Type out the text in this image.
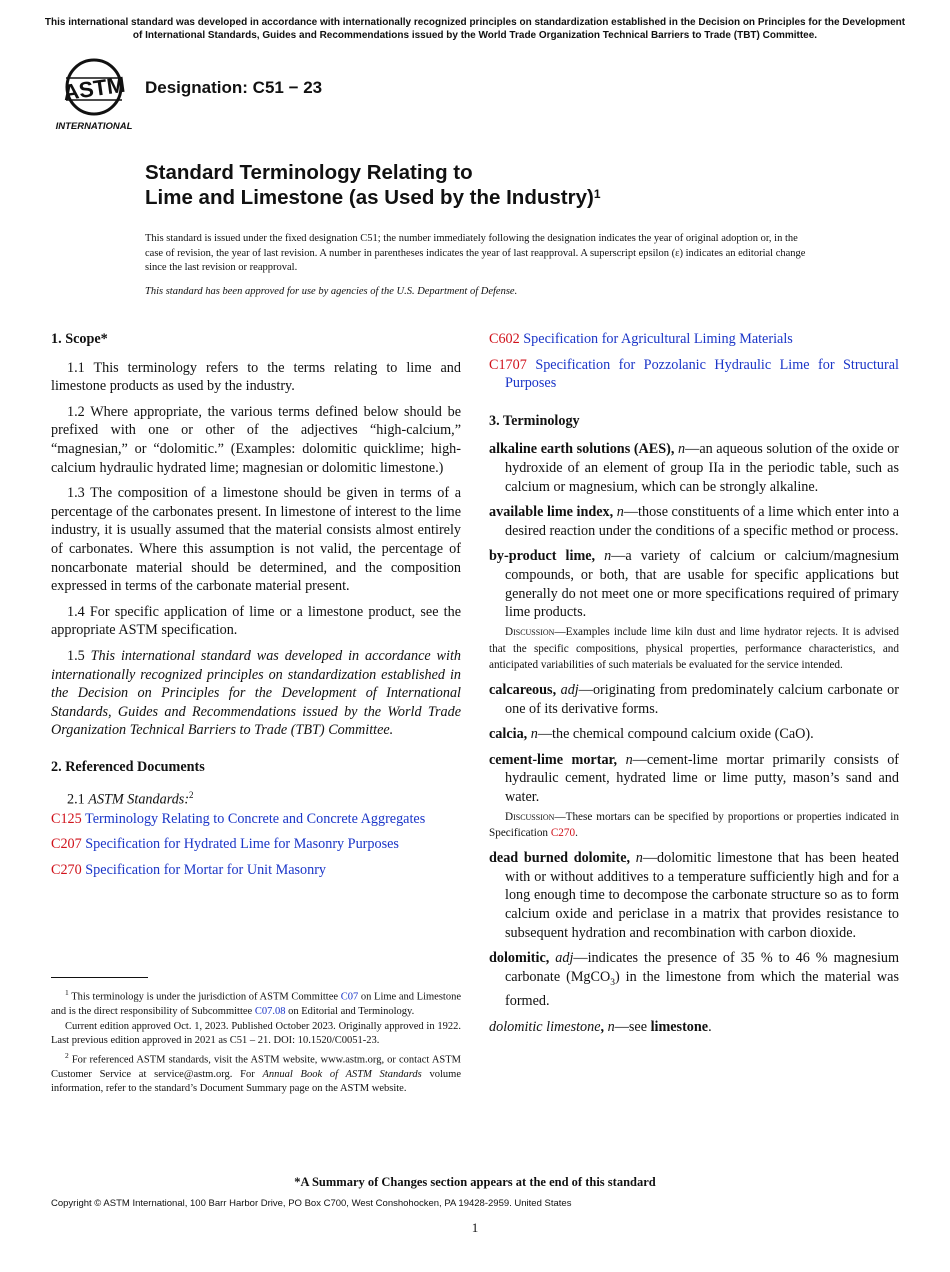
This international standard was developed in accordance with internationally recognized principles on standardization established in the Decision on Principles for the Development of International Standards, Guides and Recommendations issued by the World Trade Organization Technical Barriers to Trade (TBT) Committee.
ASTM
INTERNATIONAL
Designation: C51 − 23
Standard Terminology Relating to
Lime and Limestone (as Used by the Industry)$^1$
This standard is issued under the fixed designation C51; the number immediately following the designation indicates the year of original adoption or, in the case of revision, the year of last revision. A number in parentheses indicates the year of last reapproval. A superscript epsilon (ε) indicates an editorial change since the last revision or reapproval.
This standard has been approved for use by agencies of the U.S. Department of Defense.
1. Scope*

1.1 This terminology refers to the terms relating to lime and limestone products as used by the industry.

1.2 Where appropriate, the various terms defined below should be prefixed with one or other of the adjectives “high-calcium,” “magnesian,” or “dolomitic.” (Examples: dolomitic quicklime; high-calcium hydraulic hydrated lime; magnesian or dolomitic limestone.)

1.3 The composition of a limestone should be given in terms of a percentage of the carbonates present. In limestone of interest to the lime industry, it is usually assumed that the material consists almost entirely of carbonates. Where this assumption is not valid, the percentage of noncarbonate material should be determined, and the composition expressed in terms of the carbonate material present.

1.4 For specific application of lime or a limestone product, see the appropriate ASTM specification.

1.5 This international standard was developed in accordance with internationally recognized principles on standardization established in the Decision on Principles for the Development of International Standards, Guides and Recommendations issued by the World Trade Organization Technical Barriers to Trade (TBT) Committee.

2. Referenced Documents

2.1 ASTM Standards:$^2$

C125 Terminology Relating to Concrete and Concrete Aggregates

C207 Specification for Hydrated Lime for Masonry Purposes

C270 Specification for Mortar for Unit Masonry

$^1$ This terminology is under the jurisdiction of ASTM Committee C07 on Lime and Limestone and is the direct responsibility of Subcommittee C07.08 on Editorial and Terminology.

Current edition approved Oct. 1, 2023. Published October 2023. Originally approved in 1922. Last previous edition approved in 2021 as C51 – 21. DOI: 10.1520/C0051-23.

$^2$ For referenced ASTM standards, visit the ASTM website, www.astm.org, or contact ASTM Customer Service at service@astm.org. For Annual Book of ASTM Standards volume information, refer to the standard’s Document Summary page on the ASTM website.

C602 Specification for Agricultural Liming Materials

C1707 Specification for Pozzolanic Hydraulic Lime for Structural Purposes

3. Terminology

alkaline earth solutions (AES), n—an aqueous solution of the oxide or hydroxide of an element of group IIa in the periodic table, such as calcium or magnesium, which can be strongly alkaline.

available lime index, n—those constituents of a lime which enter into a desired reaction under the conditions of a specific method or process.

by-product lime, n—a variety of calcium or calcium/magnesium compounds, or both, that are usable for specific applications but generally do not meet one or more specifications required of primary lime products.

Discussion—Examples include lime kiln dust and lime hydrator rejects. It is advised that the specific compositions, physical properties, performance characteristics, and anticipated variabilities of such materials be evaluated for the service intended.

calcareous, adj—originating from predominately calcium carbonate or one of its derivative forms.

calcia, n—the chemical compound calcium oxide (CaO).

cement-lime mortar, n—cement-lime mortar primarily consists of hydraulic cement, hydrated lime or lime putty, mason’s sand and water.

Discussion—These mortars can be specified by proportions or properties indicated in Specification C270.

dead burned dolomite, n—dolomitic limestone that has been heated with or without additives to a temperature sufficiently high and for a long enough time to decompose the carbonate structure so as to form calcium oxide and periclase in a matrix that provides resistance to subsequent hydration and recombination with carbon dioxide.

dolomitic, adj—indicates the presence of 35 % to 46 % magnesium carbonate (MgCO$_3$) in the limestone from which the material was formed.

dolomitic limestone, n—see limestone.

*A Summary of Changes section appears at the end of this standard
Copyright © ASTM International, 100 Barr Harbor Drive, PO Box C700, West Conshohocken, PA 19428-2959. United States
1
